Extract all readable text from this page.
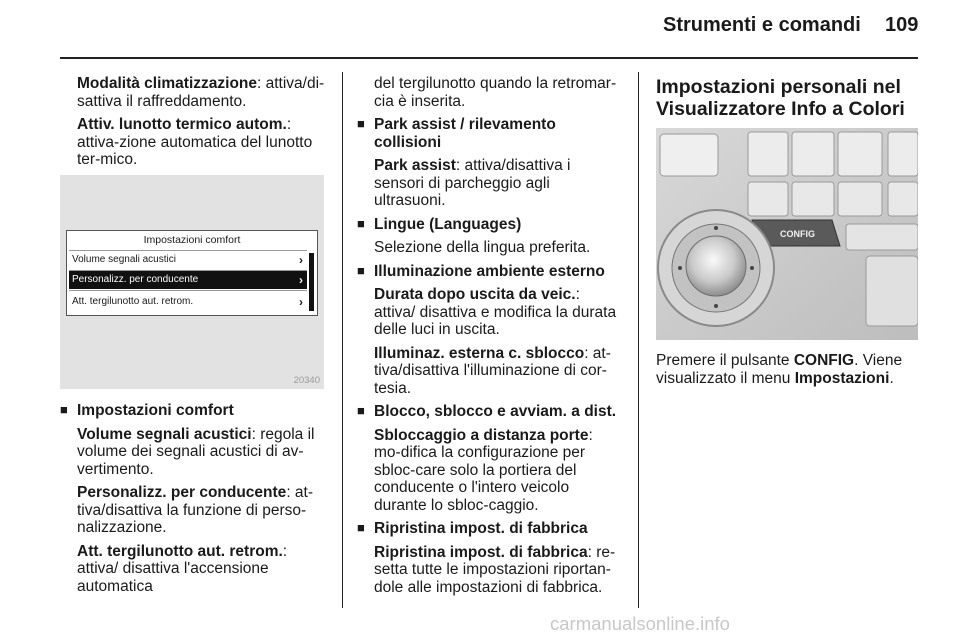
Strumenti e comandi 109

Modalità climatizzazione: attiva/di-sattiva il raffreddamento.

Attiv. lunotto termico autom.: attiva-zione automatica del lunotto ter-mico.

Impostazioni comfort
Volume segnali acustici	›
Personalizz. per conducente	›
Att. tergilunotto aut. retrom.	›
20340
■ Impostazioni comfort

Volume segnali acustici: regola il volume dei segnali acustici di av-vertimento.

Personalizz. per conducente: at-tiva/disattiva la funzione di perso-nalizzazione.

Att. tergilunotto aut. retrom.: attiva/ disattiva l'accensione automatica

del tergilunotto quando la retromar-cia è inserita.

■ Park assist / rilevamento collisioni

Park assist: attiva/disattiva i sensori di parcheggio agli ultrasuoni.

■ Lingue (Languages)

Selezione della lingua preferita.

■ Illuminazione ambiente esterno

Durata dopo uscita da veic.: attiva/ disattiva e modifica la durata delle luci in uscita.

Illuminaz. esterna c. sblocco: at-tiva/disattiva l'illuminazione di cor-tesia.

■ Blocco, sblocco e avviam. a dist.

Sbloccaggio a distanza porte: mo-difica la configurazione per sbloc-care solo la portiera del conducente o l'intero veicolo durante lo sbloc-caggio.

■ Ripristina impost. di fabbrica

Ripristina impost. di fabbrica: re-setta tutte le impostazioni riportan-dole alle impostazioni di fabbrica.

Impostazioni personali nel Visualizzatore Info a Colori
CONFIG

Premere il pulsante CONFIG. Viene visualizzato il menu Impostazioni.

carmanualsonline.info
